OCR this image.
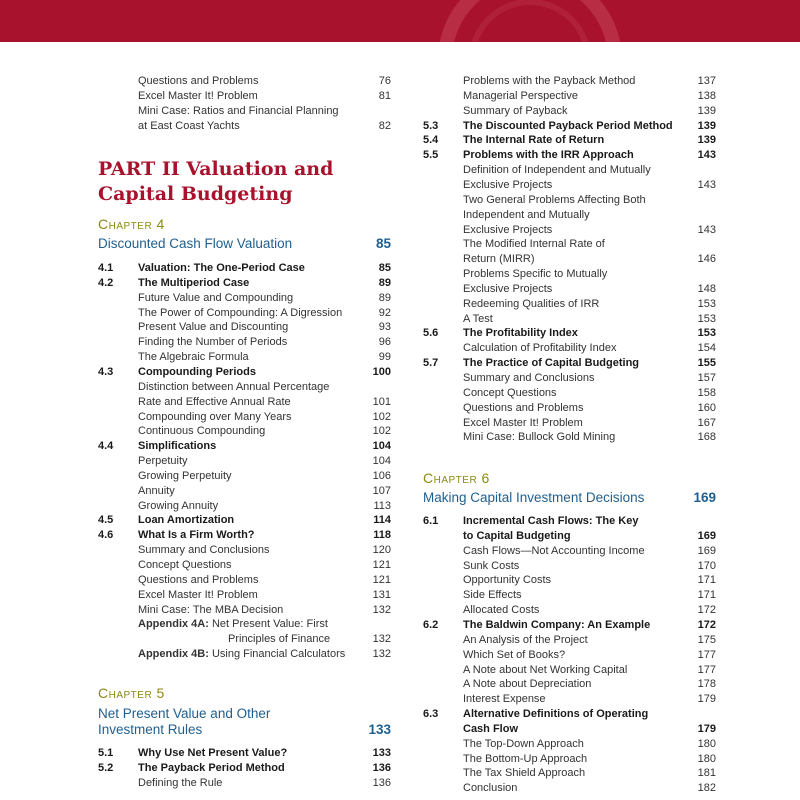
Questions and Problems	76
Excel Master It! Problem	81
Mini Case: Ratios and Financial Planning
at East Coast Yachts	82
PART II Valuation and
Capital Budgeting
Chapter 4
Discounted Cash Flow Valuation	85
4.1 Valuation: The One-Period Case	85
4.2 The Multiperiod Case	89
Future Value and Compounding	89
The Power of Compounding: A Digression	92
Present Value and Discounting	93
Finding the Number of Periods	96
The Algebraic Formula	99
4.3 Compounding Periods	100
Distinction between Annual Percentage
Rate and Effective Annual Rate	101
Compounding over Many Years	102
Continuous Compounding	102
4.4 Simplifications	104
Perpetuity	104
Growing Perpetuity	106
Annuity	107
Growing Annuity	113
4.5 Loan Amortization	114
4.6 What Is a Firm Worth?	118
Summary and Conclusions	120
Concept Questions	121
Questions and Problems	121
Excel Master It! Problem	131
Mini Case: The MBA Decision	132
Appendix 4A: Net Present Value: First
Principles of Finance	132
Appendix 4B: Using Financial Calculators 132
Chapter 5
Net Present Value and Other
Investment Rules	133
5.1 Why Use Net Present Value?	133
5.2 The Payback Period Method	136
Defining the Rule	136
Problems with the Payback Method	137
Managerial Perspective	138
Summary of Payback	139
5.3 The Discounted Payback Period Method 139
5.4 The Internal Rate of Return	139
5.5 Problems with the IRR Approach	143
Definition of Independent and Mutually
Exclusive Projects	143
Two General Problems Affecting Both
Independent and Mutually
Exclusive Projects	143
The Modified Internal Rate of
Return (MIRR)	146
Problems Specific to Mutually
Exclusive Projects	148
Redeeming Qualities of IRR	153
A Test	153
5.6 The Profitability Index	153
Calculation of Profitability Index	154
5.7 The Practice of Capital Budgeting	155
Summary and Conclusions	157
Concept Questions	158
Questions and Problems	160
Excel Master It! Problem	167
Mini Case: Bullock Gold Mining	168
Chapter 6
Making Capital Investment Decisions	169
6.1 Incremental Cash Flows: The Key
to Capital Budgeting	169
Cash Flows—Not Accounting Income	169
Sunk Costs	170
Opportunity Costs	171
Side Effects	171
Allocated Costs	172
6.2 The Baldwin Company: An Example	172
An Analysis of the Project	175
Which Set of Books?	177
A Note about Net Working Capital	177
A Note about Depreciation	178
Interest Expense	179
6.3 Alternative Definitions of Operating
Cash Flow	179
The Top-Down Approach	180
The Bottom-Up Approach	180
The Tax Shield Approach	181
Conclusion	182
